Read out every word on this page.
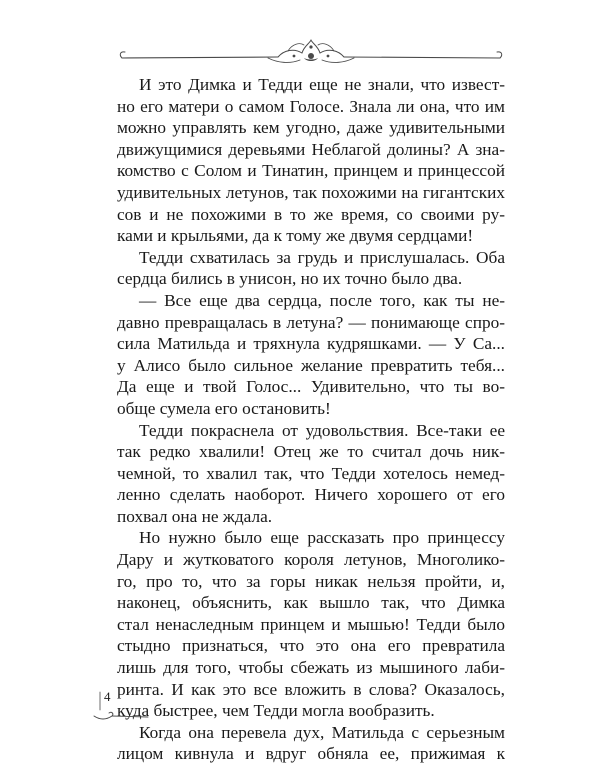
И это Димка и Тедди еще не знали, что извест-
но его матери о самом Голосе. Знала ли она, что им
можно управлять кем угодно, даже удивительными
движущимися деревьями Неблагой долины? А зна-
комство с Солом и Тинатин, принцем и принцессой
удивительных летунов, так похожими на гигантских
сов и не похожими в то же время, со своими ру-
ками и крыльями, да к тому же двумя сердцами!
Тедди схватилась за грудь и прислушалась. Оба
сердца бились в унисон, но их точно было два.
— Все еще два сердца, после того, как ты не-
давно превращалась в летуна? — понимающе спро-
сила Матильда и тряхнула кудряшками. — У Са...
у Алисо было сильное желание превратить тебя...
Да еще и твой Голос... Удивительно, что ты во-
обще сумела его остановить!
Тедди покраснела от удовольствия. Все-таки ее
так редко хвалили! Отец же то считал дочь ник-
чемной, то хвалил так, что Тедди хотелось немед-
ленно сделать наоборот. Ничего хорошего от его
похвал она не ждала.
Но нужно было еще рассказать про принцессу
Дару и жутковатого короля летунов, Многолико-
го, про то, что за горы никак нельзя пройти, и,
наконец, объяснить, как вышло так, что Димка
стал ненаследным принцем и мышью! Тедди было
стыдно признаться, что это она его превратила
лишь для того, чтобы сбежать из мышиного лаби-
ринта. И как это все вложить в слова? Оказалось,
куда быстрее, чем Тедди могла вообразить.
Когда она перевела дух, Матильда с серьезным
лицом кивнула и вдруг обняла ее, прижимая к
4
